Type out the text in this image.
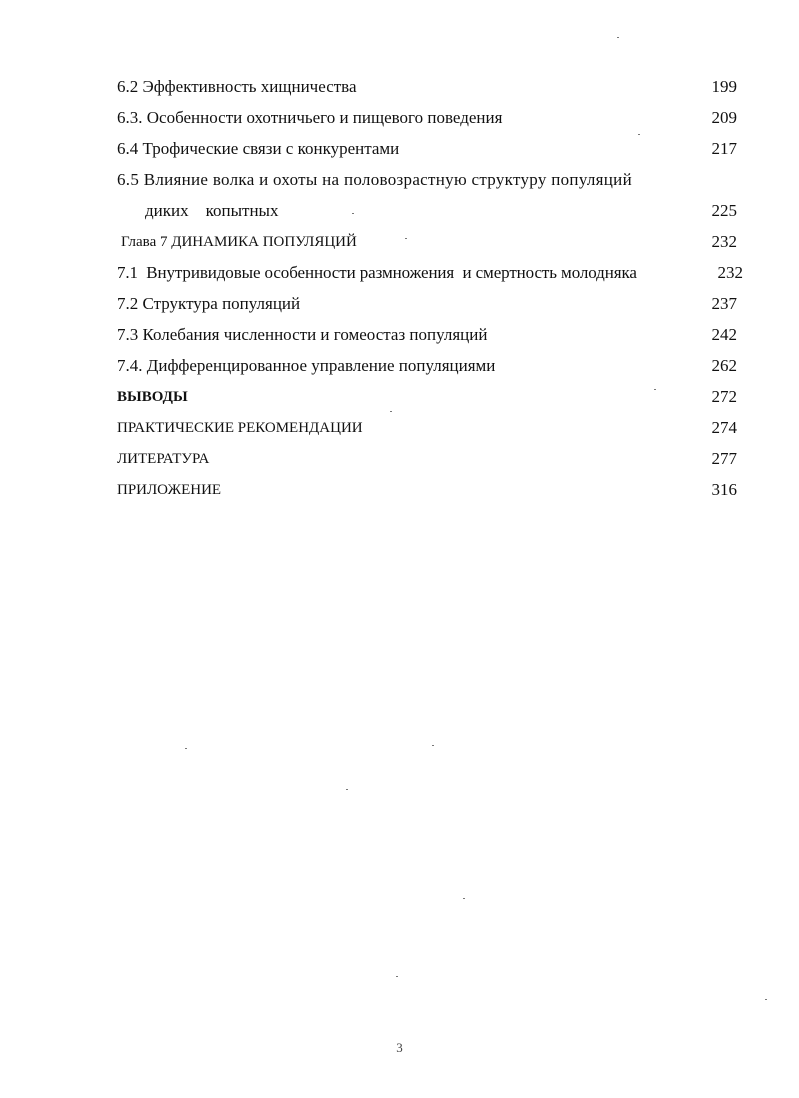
6.2 Эффективность хищничества	199
6.3. Особенности охотничьего и пищевого поведения	209
6.4 Трофические связи с конкурентами	217
6.5 Влияние волка и охоты на половозрастную структуру популяций
диких    копытных	225
Глава 7 ДИНАМИКА ПОПУЛЯЦИЙ	232
7.1  Внутривидовые особенности размножения  и смертность молодняка	232
7.2 Структура популяций	237
7.3 Колебания численности и гомеостаз популяций	242
7.4. Дифференцированное управление популяциями	262
ВЫВОДЫ	272
ПРАКТИЧЕСКИЕ РЕКОМЕНДАЦИИ	274
ЛИТЕРАТУРА	277
ПРИЛОЖЕНИЕ	316
3
